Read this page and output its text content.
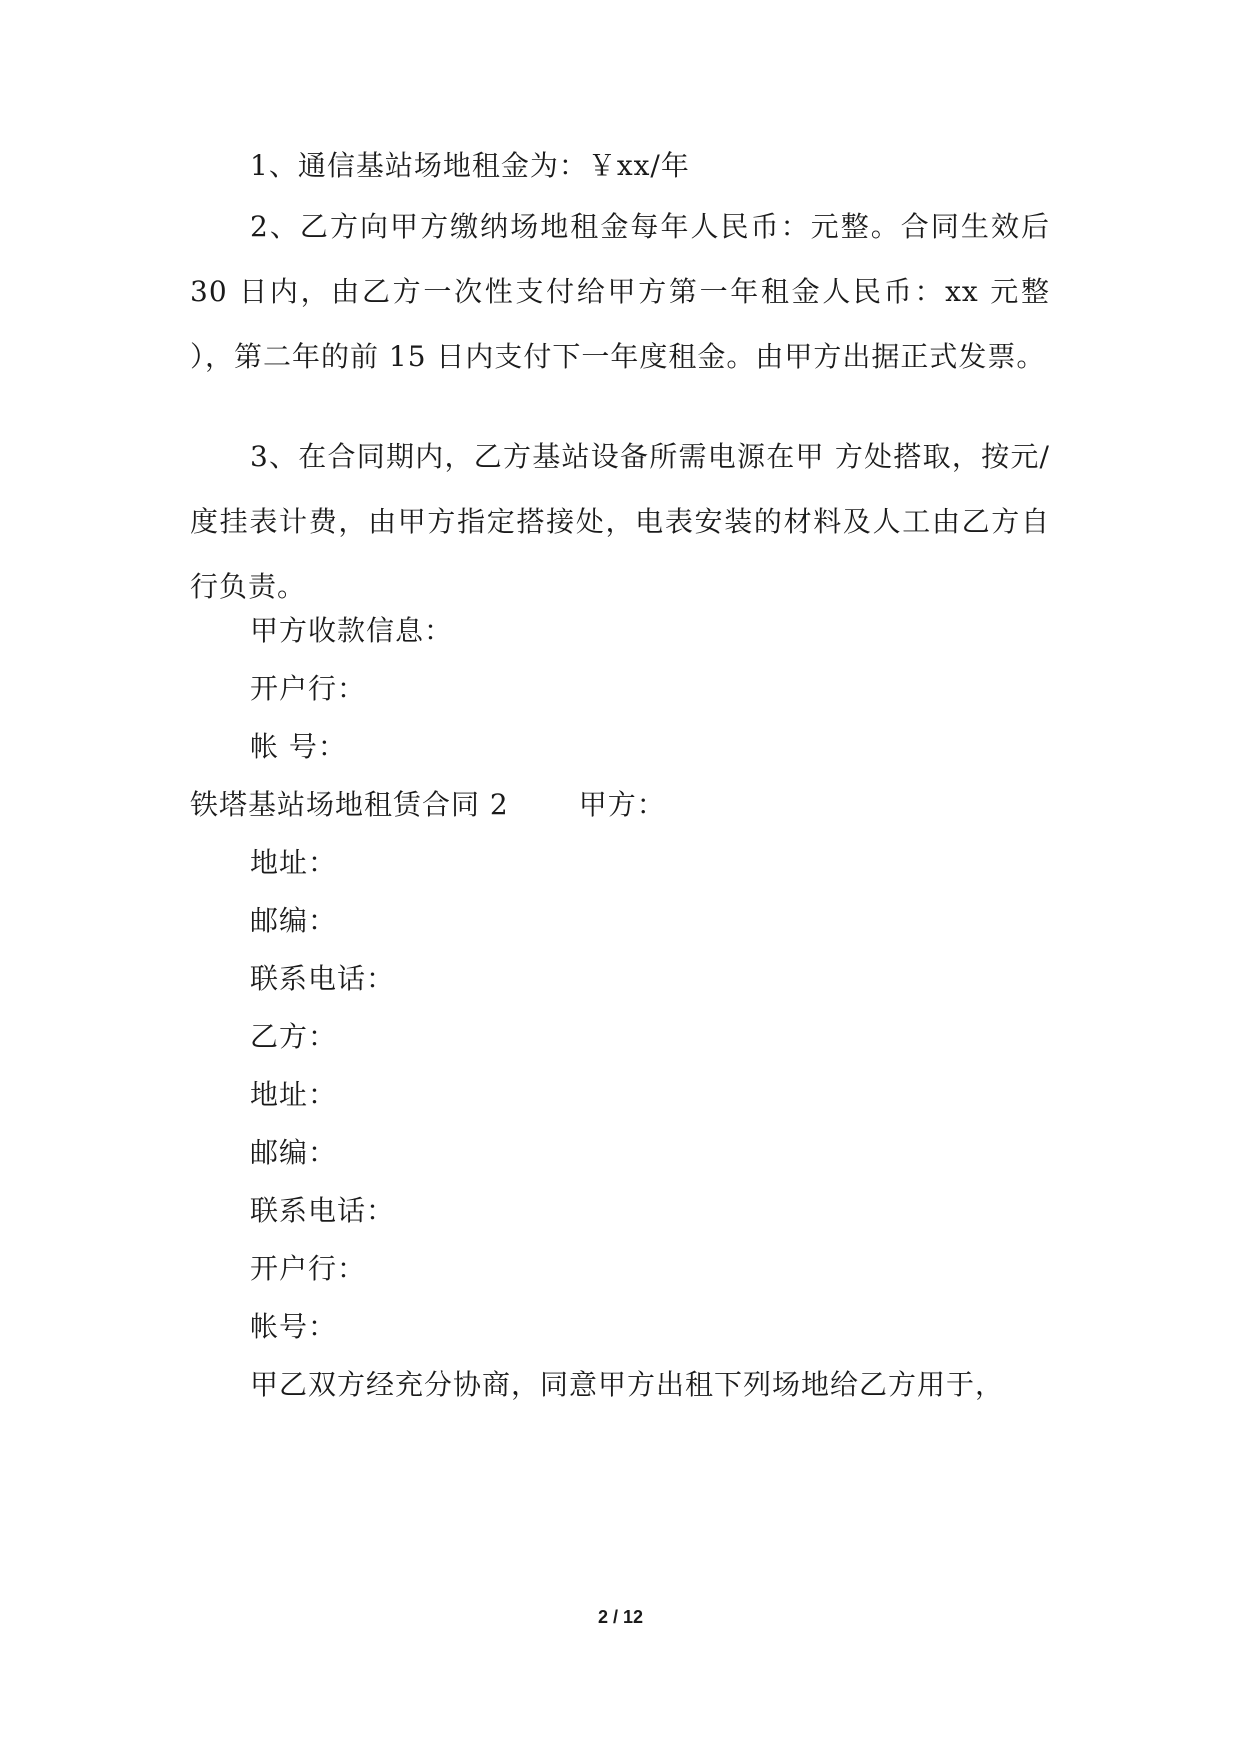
1、通信基站场地租金为：￥xx/年

2、乙方向甲方缴纳场地租金每年人民币：元整。合同生效后 30 日内，由乙方一次性支付给甲方第一年租金人民币：xx 元整 ），第二年的前 15 日内支付下一年度租金。由甲方出据正式发票。

3、在合同期内，乙方基站设备所需电源在甲 方处搭取，按元/度挂表计费，由甲方指定搭接处，电表安装的材料及人工由乙方自行负责。

甲方收款信息：

开户行：

帐 号：

铁塔基站场地租赁合同 2	甲方：

地址：

邮编：

联系电话：

乙方：

地址：

邮编：

联系电话：

开户行：

帐号：

甲乙双方经充分协商，同意甲方出租下列场地给乙方用于，

2 / 12
